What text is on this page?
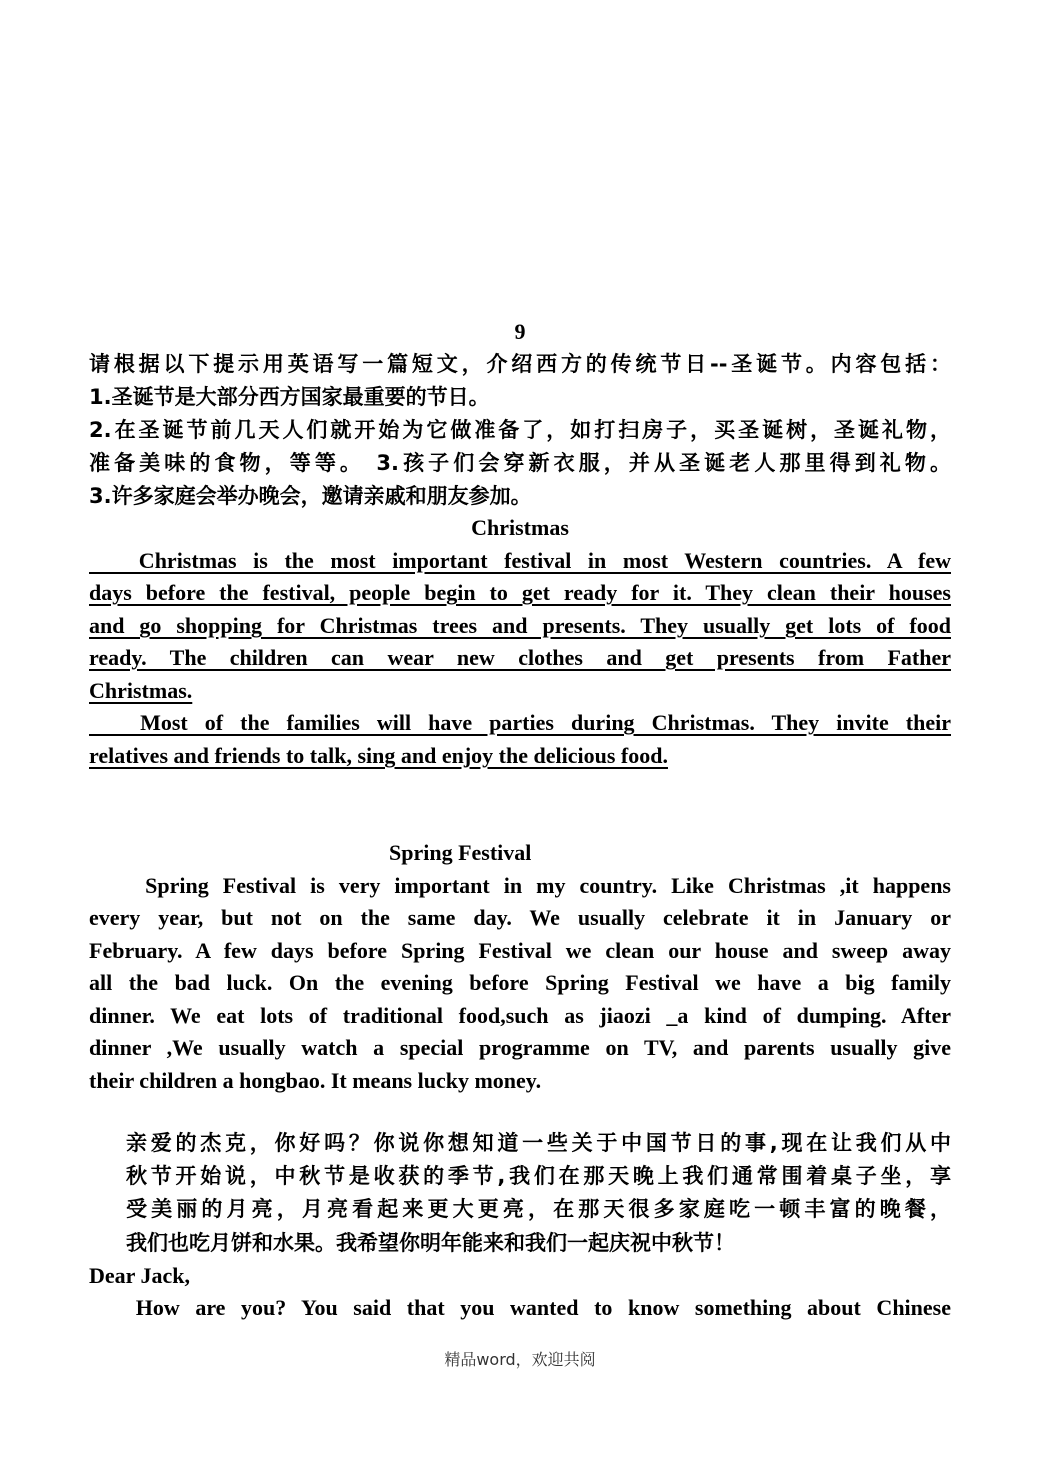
9
请根据以下提示用英语写一篇短文，介绍西方的传统节日--圣诞节。内容包括：
1.圣诞节是大部分西方国家最重要的节日。
2.在圣诞节前几天人们就开始为它做准备了，如打扫房子，买圣诞树，圣诞礼物，
准备美味的食物，等等。 3.孩子们会穿新衣服，并从圣诞老人那里得到礼物。
3.许多家庭会举办晚会，邀请亲戚和朋友参加。
Christmas
Christmas is the most important festival in most Western countries. A few
days before the festival, people begin to get ready for it. They clean their houses
and go shopping for Christmas trees and presents. They usually get lots of food
ready. The children can wear new clothes and get presents from Father
Christmas.
Most of the families will have parties during Christmas. They invite their
relatives and friends to talk, sing and enjoy the delicious food.
Spring Festival
Spring Festival is very important in my country. Like Christmas ,it happens
every year, but not on the same day. We usually celebrate it in January or
February. A few days before Spring Festival we clean our house and sweep away
all the bad luck. On the evening before Spring Festival we have a big family
dinner. We eat lots of traditional food,such as jiaozi _a kind of dumping. After
dinner ,We usually watch a special programme on TV, and parents usually give
their children a hongbao. It means lucky money.
亲爱的杰克，你好吗？你说你想知道一些关于中国节日的事,现在让我们从中
秋节开始说，中秋节是收获的季节,我们在那天晚上我们通常围着桌子坐，享
受美丽的月亮，月亮看起来更大更亮，在那天很多家庭吃一顿丰富的晚餐，
我们也吃月饼和水果。我希望你明年能来和我们一起庆祝中秋节！
Dear Jack,
How are you? You said that you wanted to know something about Chinese
精品word，欢迎共阅
